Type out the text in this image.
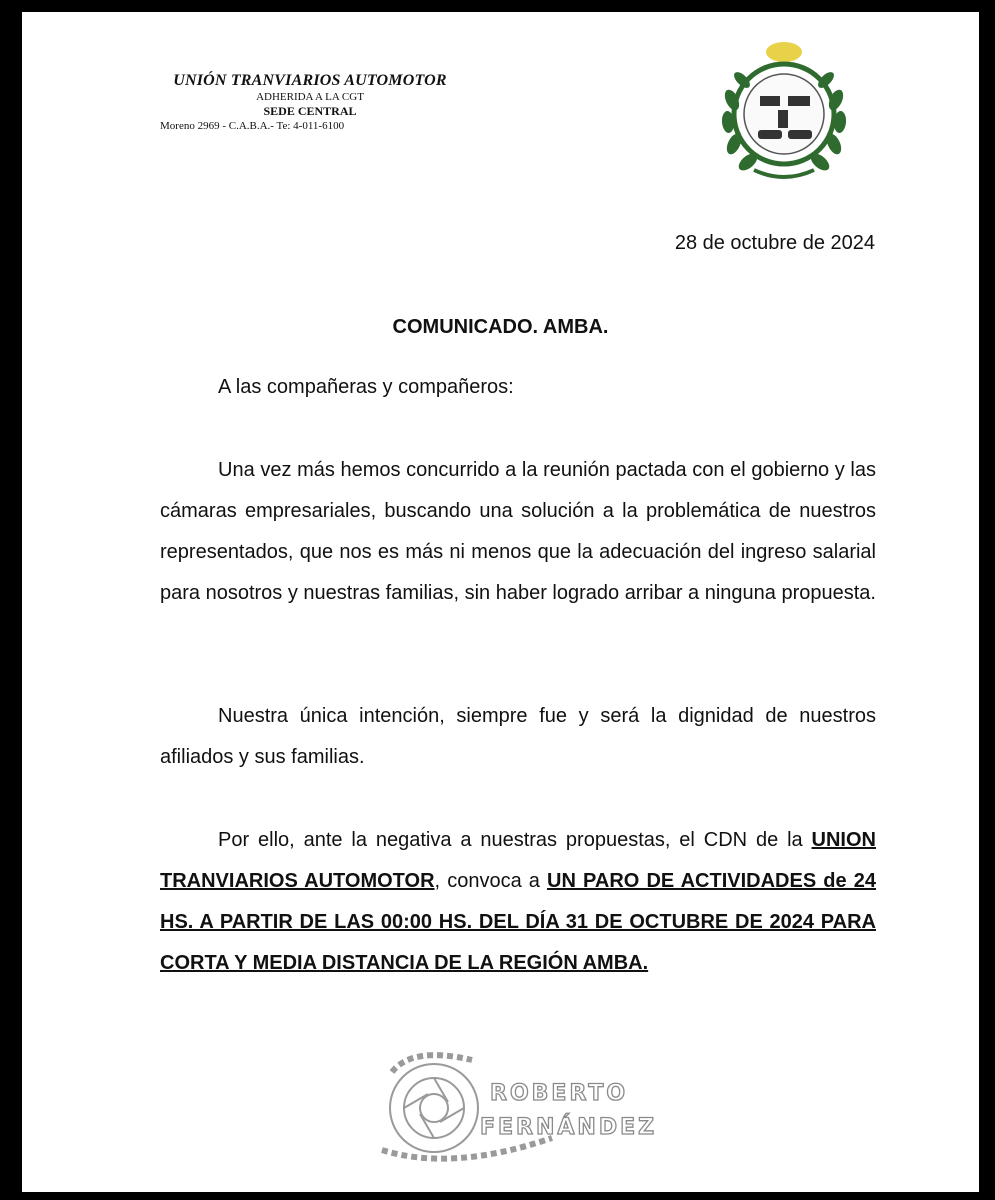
UNIÓN TRANVIARIOS AUTOMOTOR
ADHERIDA A LA CGT
SEDE CENTRAL
Moreno 2969 - C.A.B.A.- Te: 4-011-6100
28 de octubre de 2024
COMUNICADO. AMBA.
A las compañeras y compañeros:

Una vez más hemos concurrido a la reunión pactada con el gobierno y las cámaras empresariales, buscando una solución a la problemática de nuestros representados, que nos es más ni menos que la adecuación del ingreso salarial para nosotros y nuestras familias, sin haber logrado arribar a ninguna propuesta.

Nuestra única intención, siempre fue y será la dignidad de nuestros afiliados y sus familias.

Por ello, ante la negativa a nuestras propuestas, el CDN de la UNION TRANVIARIOS AUTOMOTOR, convoca a UN PARO DE ACTIVIDADES de 24 HS. A PARTIR DE LAS 00:00 HS. DEL DÍA 31 DE OCTUBRE DE 2024 PARA CORTA Y MEDIA DISTANCIA DE LA REGIÓN AMBA.

ROBERTO
FERNÁNDEZ
